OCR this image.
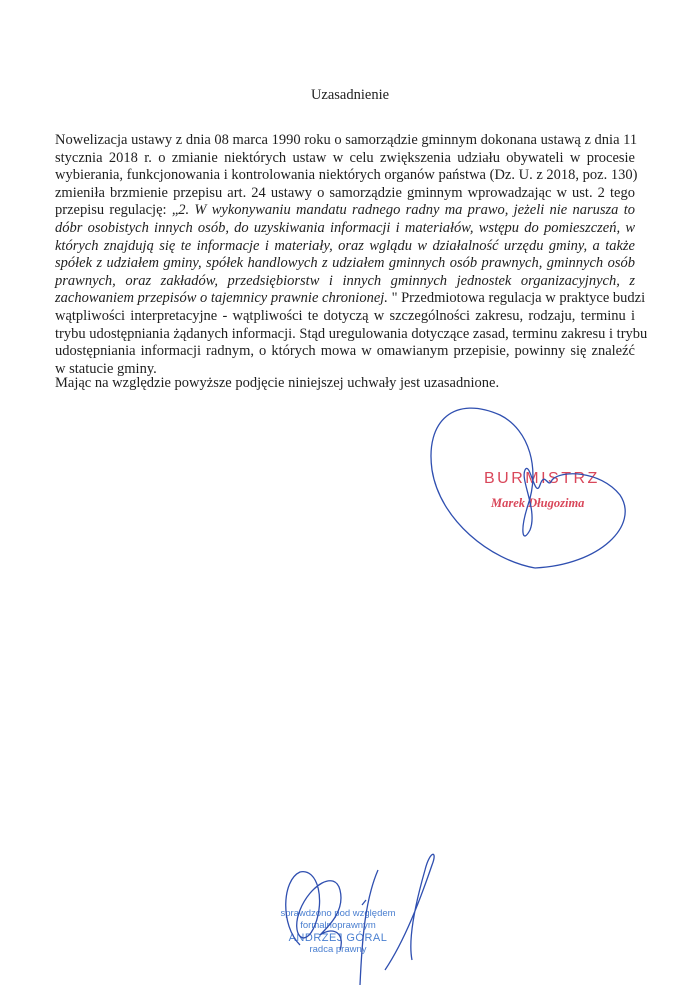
Uzasadnienie
Nowelizacja ustawy z dnia 08 marca 1990 roku o samorządzie gminnym dokonana ustawą z dnia 11
stycznia 2018 r. o zmianie niektórych ustaw w celu zwiększenia udziału obywateli w procesie
wybierania, funkcjonowania i kontrolowania niektórych organów państwa (Dz. U. z 2018, poz. 130)
zmieniła brzmienie przepisu art. 24 ustawy o samorządzie gminnym wprowadzając w ust. 2 tego
przepisu regulację: „2. W wykonywaniu mandatu radnego radny ma prawo, jeżeli nie narusza to
dóbr osobistych innych osób, do uzyskiwania informacji i materiałów, wstępu do pomieszczeń, w
których znajdują się te informacje i materiały, oraz wglądu w działalność urzędu gminy, a także
spółek z udziałem gminy, spółek handlowych z udziałem gminnych osób prawnych, gminnych osób
prawnych, oraz zakładów, przedsiębiorstw i innych gminnych jednostek organizacyjnych, z
zachowaniem przepisów o tajemnicy prawnie chronionej. " Przedmiotowa regulacja w praktyce budzi
wątpliwości interpretacyjne - wątpliwości te dotyczą w szczególności zakresu, rodzaju, terminu i
trybu udostępniania żądanych informacji. Stąd uregulowania dotyczące zasad, terminu zakresu i trybu
udostępniania informacji radnym, o których mowa w omawianym przepisie, powinny się znaleźć
w statucie gminy.
Mając na względzie powyższe podjęcie niniejszej uchwały jest uzasadnione.
BURMISTRZ
Marek Długozima
sprawdzono pod względem
formalnoprawnym
ANDRZEJ GÓRAL
radca prawny
